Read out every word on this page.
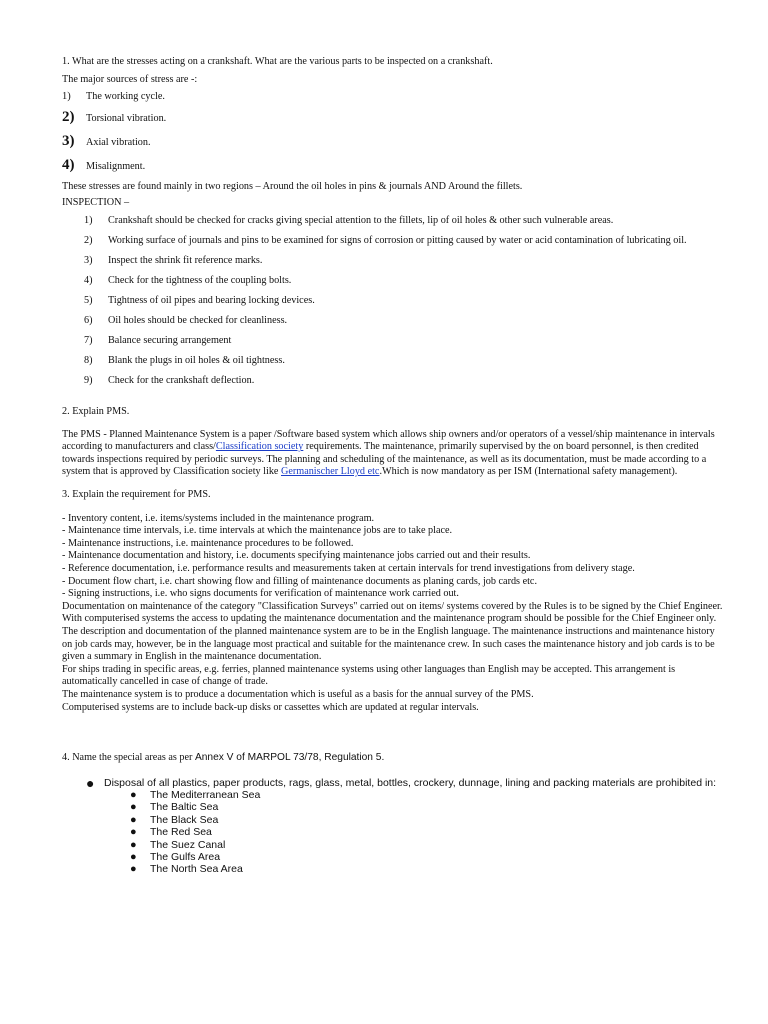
1. What are the stresses acting on a crankshaft. What are the various parts to be inspected on a crankshaft.

The major sources of stress are -:

1)	The working cycle.
2)	Torsional vibration.
3)	Axial vibration.
4)	Misalignment.

These stresses are found mainly in two regions – Around the oil holes in pins & journals AND Around the fillets.

INSPECTION –

1)	Crankshaft should be checked for cracks giving special attention to the fillets, lip of oil holes & other such vulnerable areas.
2)	Working surface of journals and pins to be examined for signs of corrosion or pitting caused by water or acid contamination of lubricating oil.
3)	Inspect the shrink fit reference marks.
4)	Check for the tightness of the coupling bolts.
5)	Tightness of oil pipes and bearing locking devices.
6)	Oil holes should be checked for cleanliness.
7)	Balance securing arrangement
8)	Blank the plugs in oil holes & oil tightness.
9)	Check for the crankshaft deflection.

2. Explain PMS.

The PMS - Planned Maintenance System is a paper /Software based system which allows ship owners and/or operators of a vessel/ship maintenance in intervals according to manufacturers and class/Classification society requirements. The maintenance, primarily supervised by the on board personnel, is then credited towards inspections required by periodic surveys. The planning and scheduling of the maintenance, as well as its documentation, must be made according to a system that is approved by Classification society like Germanischer Lloyd etc.Which is now mandatory as per ISM (International safety management).

3. Explain the requirement for PMS.

- Inventory content, i.e. items/systems included in the maintenance program.

- Maintenance time intervals, i.e. time intervals at which the maintenance jobs are to take place.

- Maintenance instructions, i.e. maintenance procedures to be followed.

- Maintenance documentation and history, i.e. documents specifying maintenance jobs carried out and their results.

- Reference documentation, i.e. performance results and measurements taken at certain intervals for trend investigations from delivery stage.

- Document flow chart, i.e. chart showing flow and filling of maintenance documents as planing cards, job cards etc.

- Signing instructions, i.e. who signs documents for verification of maintenance work carried out.

Documentation on maintenance of the category "Classification Surveys" carried out on items/ systems covered by the Rules is to be signed by the Chief Engineer. With computerised systems the access to updating the maintenance documentation and the maintenance program should be possible for the Chief Engineer only.

The description and documentation of the planned maintenance system are to be in the English language. The maintenance instructions and maintenance history on job cards may, however, be in the language most practical and suitable for the maintenance crew. In such cases the maintenance history and job cards is to be given a summary in English in the maintenance documentation.

For ships trading in specific areas, e.g. ferries, planned maintenance systems using other languages than English may be accepted. This arrangement is automatically cancelled in case of change of trade.

The maintenance system is to produce a documentation which is useful as a basis for the annual survey of the PMS.

Computerised systems are to include back-up disks or cassettes which are updated at regular intervals.

4. Name the special areas as per Annex V of MARPOL 73/78, Regulation 5.

● Disposal of all plastics, paper products, rags, glass, metal, bottles, crockery, dunnage, lining and packing materials are prohibited in:
●	The Mediterranean Sea
●	The Baltic Sea
●	The Black Sea
●	The Red Sea
●	The Suez Canal
●	The Gulfs Area
●	The North Sea Area
